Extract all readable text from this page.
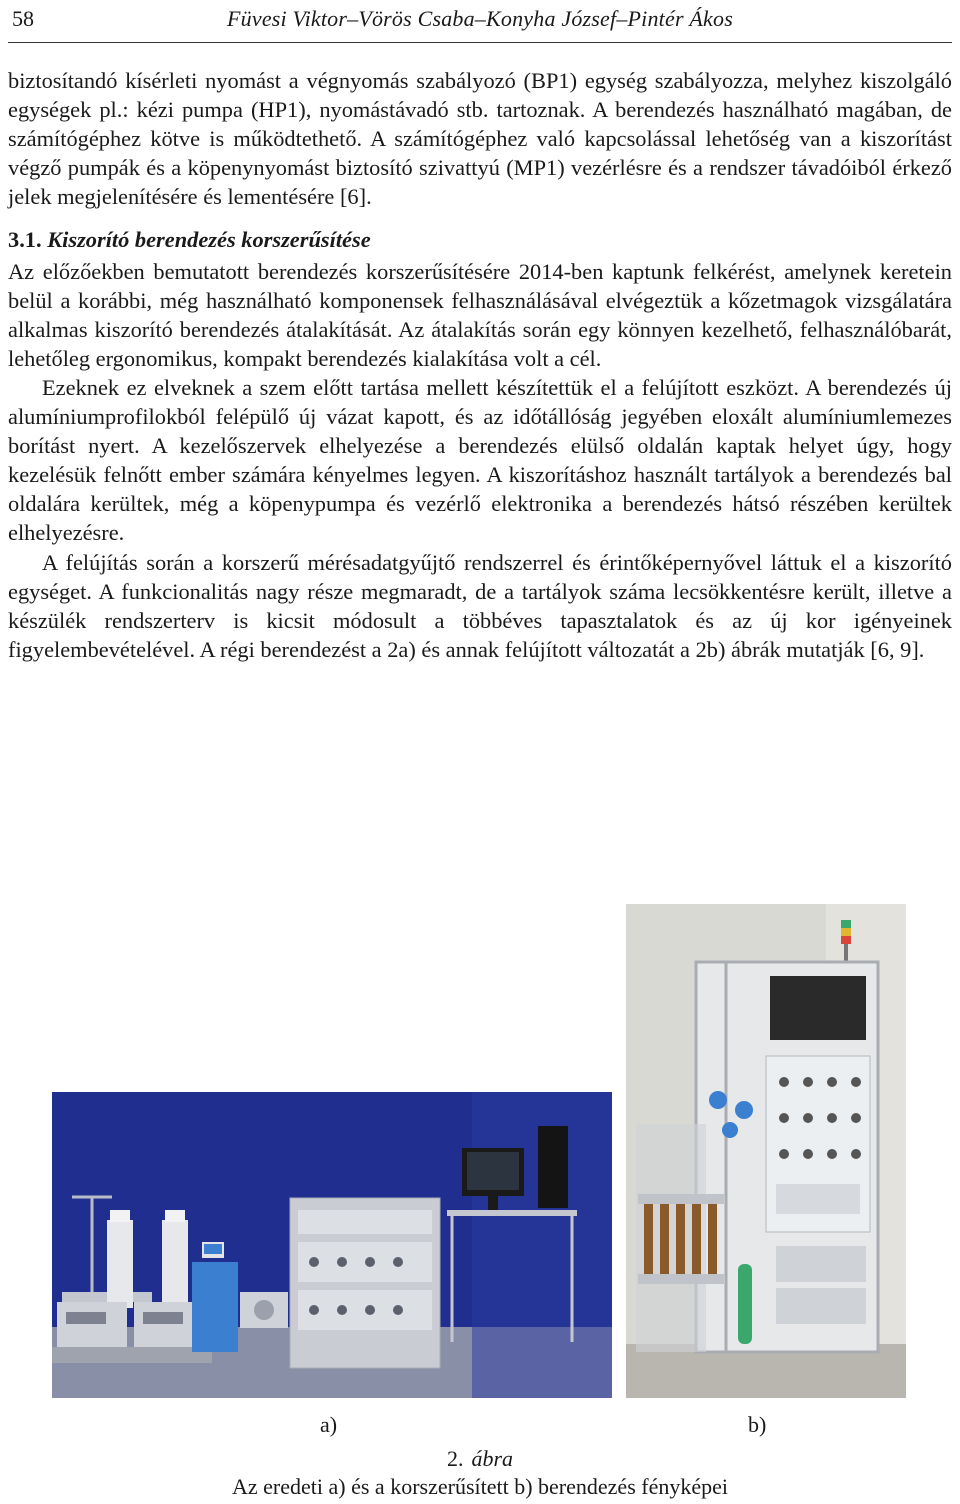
58	Füvesi Viktor–Vörös Csaba–Konyha József–Pintér Ákos

biztosítandó kísérleti nyomást a végnyomás szabályozó (BP1) egység szabályozza, melyhez kiszolgáló egységek pl.: kézi pumpa (HP1), nyomástávadó stb. tartoznak. A berendezés használható magában, de számítógéphez kötve is működtethető. A számítógéphez való kapcsolással lehetőség van a kiszorítást végző pumpák és a köpenynyomást biztosító szivattyú (MP1) vezérlésre és a rendszer távadóiból érkező jelek megjelenítésére és lementésére [6].

3.1. Kiszorító berendezés korszerűsítése

Az előzőekben bemutatott berendezés korszerűsítésére 2014-ben kaptunk felkérést, amelynek keretein belül a korábbi, még használható komponensek felhasználásával elvégeztük a kőzetmagok vizsgálatára alkalmas kiszorító berendezés átalakítását. Az átalakítás során egy könnyen kezelhető, felhasználóbarát, lehetőleg ergonomikus, kompakt berendezés kialakítása volt a cél.

Ezeknek ez elveknek a szem előtt tartása mellett készítettük el a felújított eszközt. A berendezés új alumíniumprofilokból felépülő új vázat kapott, és az időtállóság jegyében eloxált alumíniumlemezes borítást nyert. A kezelőszervek elhelyezése a berendezés elülső oldalán kaptak helyet úgy, hogy kezelésük felnőtt ember számára kényelmes legyen. A kiszorításhoz használt tartályok a berendezés bal oldalára kerültek, még a köpenypumpa és vezérlő elektronika a berendezés hátsó részében kerültek elhelyezésre.

A felújítás során a korszerű mérésadatgyűjtő rendszerrel és érintőképernyővel láttuk el a kiszorító egységet. A funkcionalitás nagy része megmaradt, de a tartályok száma lecsökkentésre került, illetve a készülék rendszerterv is kicsit módosult a többéves tapasztalatok és az új kor igényeinek figyelembevételével. A régi berendezést a 2a) és annak felújított változatát a 2b) ábrák mutatják [6, 9].

a)	b)
2. ábra
Az eredeti a) és a korszerűsített b) berendezés fényképei
